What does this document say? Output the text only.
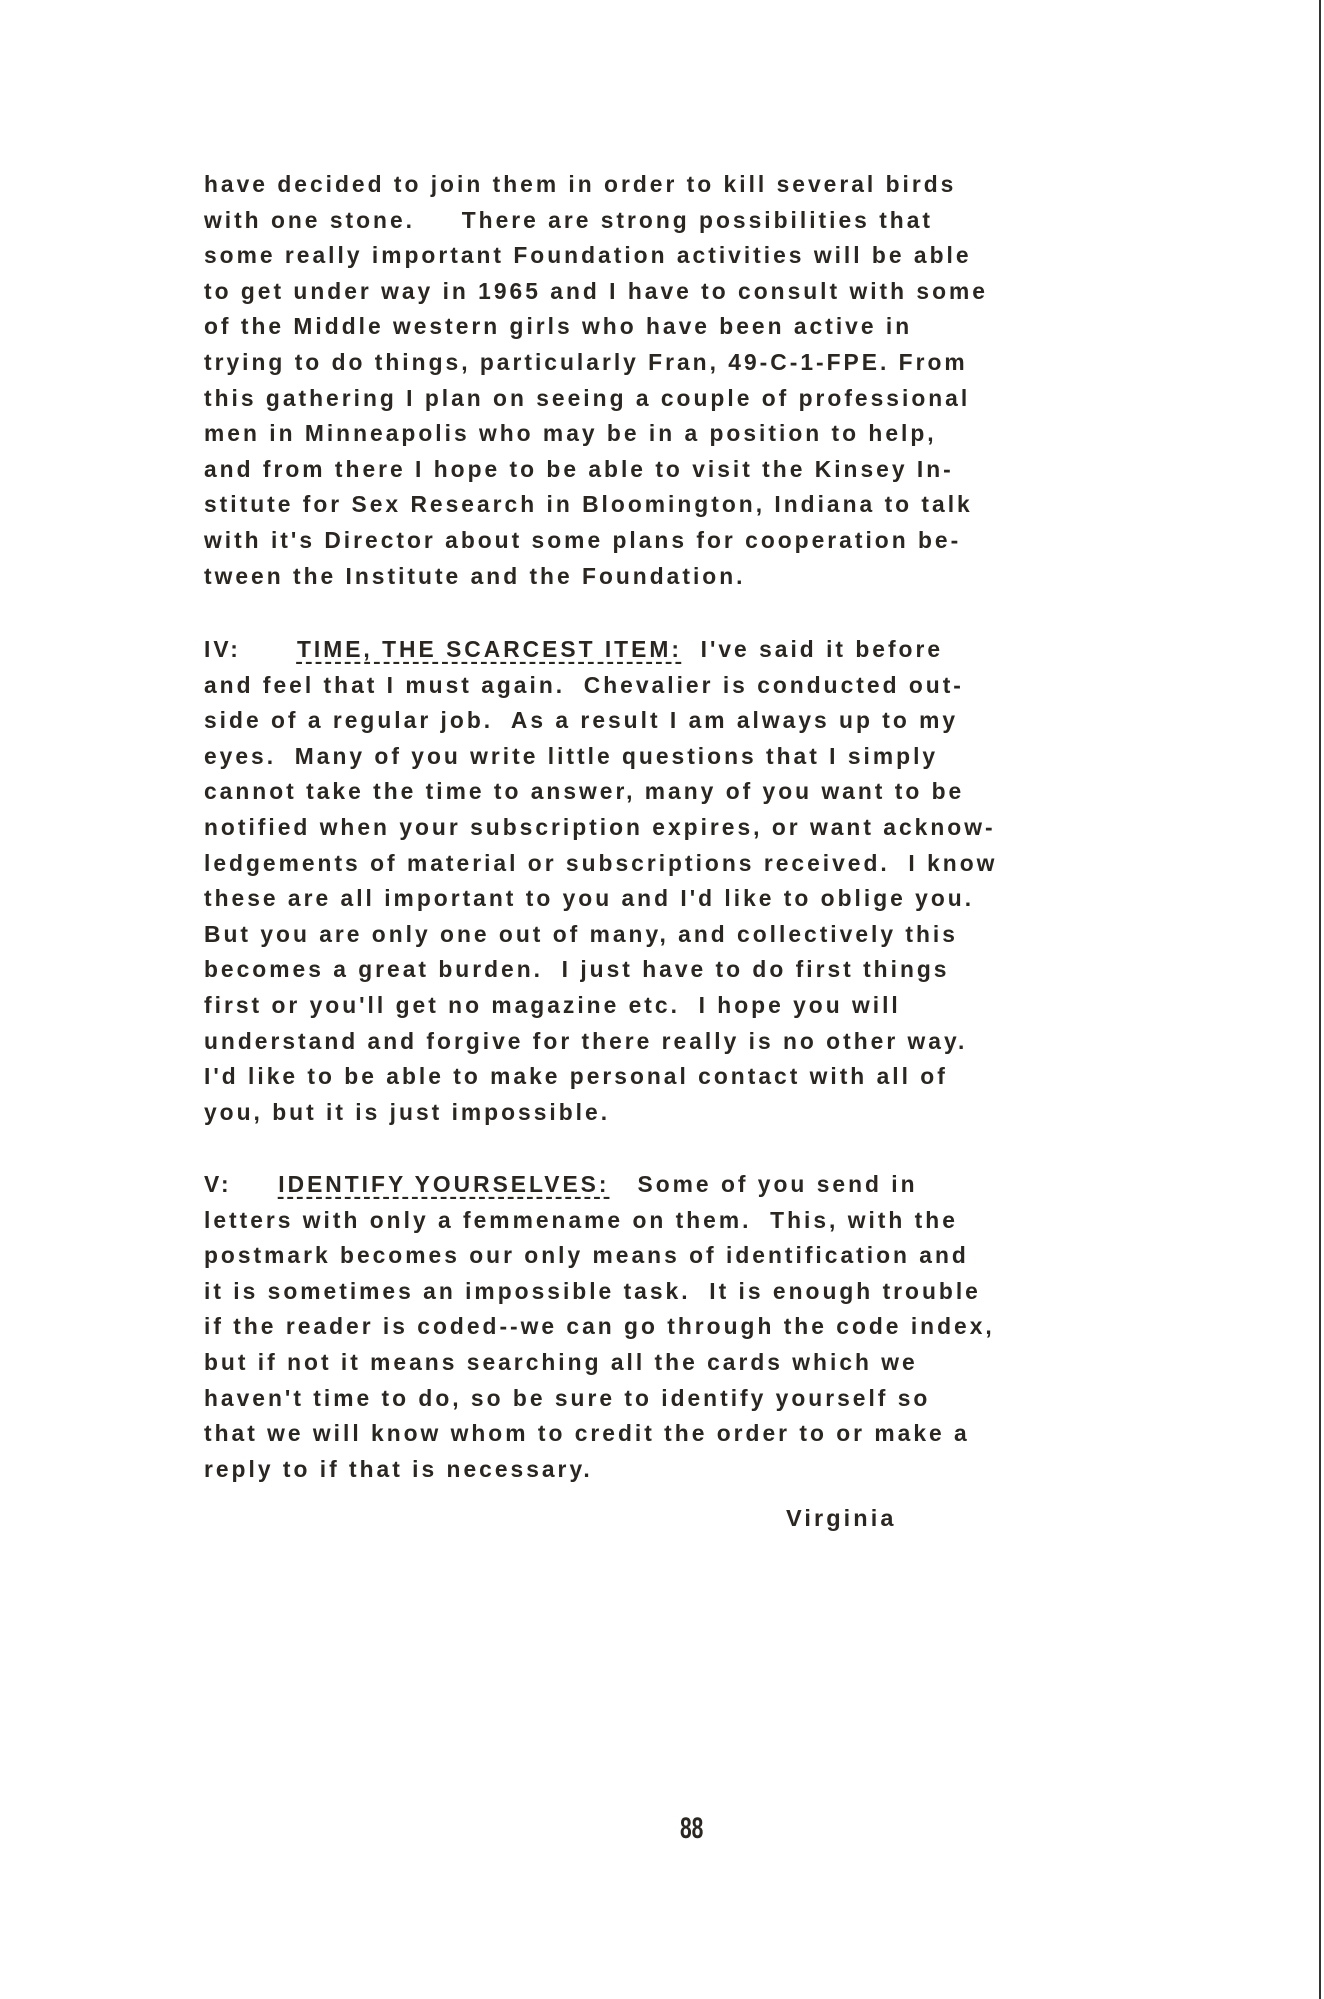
have decided to join them in order to kill several birds
with one stone.     There are strong possibilities that
some really important Foundation activities will be able
to get under way in 1965 and I have to consult with some
of the Middle western girls who have been active in
trying to do things, particularly Fran, 49-C-1-FPE. From
this gathering I plan on seeing a couple of professional
men in Minneapolis who may be in a position to help,
and from there I hope to be able to visit the Kinsey In-
stitute for Sex Research in Bloomington, Indiana to talk
with it's Director about some plans for cooperation be-
tween the Institute and the Foundation.
IV: TIME, THE SCARCEST ITEM: I've said it before
and feel that I must again.  Chevalier is conducted out-
side of a regular job.  As a result I am always up to my
eyes.  Many of you write little questions that I simply
cannot take the time to answer, many of you want to be
notified when your subscription expires, or want acknow-
ledgements of material or subscriptions received.  I know
these are all important to you and I'd like to oblige you.
But you are only one out of many, and collectively this
becomes a great burden.  I just have to do first things
first or you'll get no magazine etc.  I hope you will
understand and forgive for there really is no other way.
I'd like to be able to make personal contact with all of
you, but it is just impossible.
V: IDENTIFY YOURSELVES: Some of you send in
letters with only a femmename on them.  This, with the
postmark becomes our only means of identification and
it is sometimes an impossible task.  It is enough trouble
if the reader is coded--we can go through the code index,
but if not it means searching all the cards which we
haven't time to do, so be sure to identify yourself so
that we will know whom to credit the order to or make a
reply to if that is necessary.
Virginia
88
